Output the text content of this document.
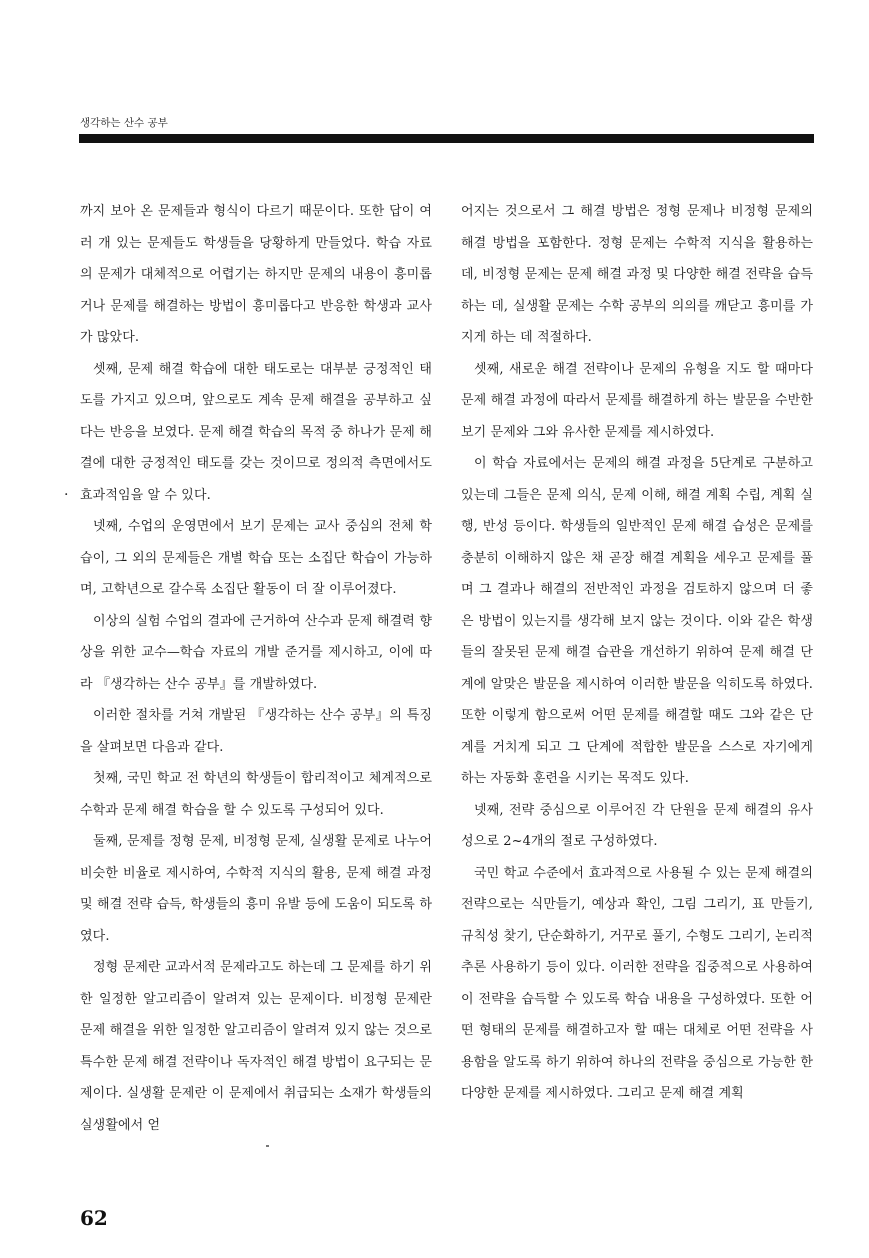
생각하는 산수 공부

까지 보아 온 문제들과 형식이 다르기 때문이다. 또한 답이 여러 개 있는 문제들도 학생들을 당황하게 만들었다. 학습 자료의 문제가 대체적으로 어렵기는 하지만 문제의 내용이 흥미롭거나 문제를 해결하는 방법이 흥미롭다고 반응한 학생과 교사가 많았다.

셋째, 문제 해결 학습에 대한 태도로는 대부분 긍정적인 태도를 가지고 있으며, 앞으로도 계속 문제 해결을 공부하고 싶다는 반응을 보였다. 문제 해결 학습의 목적 중 하나가 문제 해결에 대한 긍정적인 태도를 갖는 것이므로 정의적 측면에서도 효과적임을 알 수 있다.

넷째, 수업의 운영면에서 보기 문제는 교사 중심의 전체 학습이, 그 외의 문제들은 개별 학습 또는 소집단 학습이 가능하며, 고학년으로 갈수록 소집단 활동이 더 잘 이루어졌다.

이상의 실험 수업의 결과에 근거하여 산수과 문제 해결력 향상을 위한 교수—학습 자료의 개발 준거를 제시하고, 이에 따라 『생각하는 산수 공부』를 개발하였다.

이러한 절차를 거쳐 개발된 『생각하는 산수 공부』의 특징을 살펴보면 다음과 같다.

첫째, 국민 학교 전 학년의 학생들이 합리적이고 체계적으로 수학과 문제 해결 학습을 할 수 있도록 구성되어 있다.

둘째, 문제를 정형 문제, 비정형 문제, 실생활 문제로 나누어 비슷한 비율로 제시하여, 수학적 지식의 활용, 문제 해결 과정 및 해결 전략 습득, 학생들의 흥미 유발 등에 도움이 되도록 하였다.

정형 문제란 교과서적 문제라고도 하는데 그 문제를 하기 위한 일정한 알고리즘이 알려져 있는 문제이다. 비정형 문제란 문제 해결을 위한 일정한 알고리즘이 알려져 있지 않는 것으로 특수한 문제 해결 전략이나 독자적인 해결 방법이 요구되는 문제이다. 실생활 문제란 이 문제에서 취급되는 소재가 학생들의 실생활에서 얻

어지는 것으로서 그 해결 방법은 정형 문제나 비정형 문제의 해결 방법을 포함한다. 정형 문제는 수학적 지식을 활용하는 데, 비정형 문제는 문제 해결 과정 및 다양한 해결 전략을 습득하는 데, 실생활 문제는 수학 공부의 의의를 깨닫고 흥미를 가지게 하는 데 적절하다.

셋째, 새로운 해결 전략이나 문제의 유형을 지도 할 때마다 문제 해결 과정에 따라서 문제를 해결하게 하는 발문을 수반한 보기 문제와 그와 유사한 문제를 제시하였다.

이 학습 자료에서는 문제의 해결 과정을 5단계로 구분하고 있는데 그들은 문제 의식, 문제 이해, 해결 계획 수립, 계획 실행, 반성 등이다. 학생들의 일반적인 문제 해결 습성은 문제를 충분히 이해하지 않은 채 곧장 해결 계획을 세우고 문제를 풀며 그 결과나 해결의 전반적인 과정을 검토하지 않으며 더 좋은 방법이 있는지를 생각해 보지 않는 것이다. 이와 같은 학생들의 잘못된 문제 해결 습관을 개선하기 위하여 문제 해결 단계에 알맞은 발문을 제시하여 이러한 발문을 익히도록 하였다. 또한 이렇게 함으로써 어떤 문제를 해결할 때도 그와 같은 단계를 거치게 되고 그 단계에 적합한 발문을 스스로 자기에게 하는 자동화 훈련을 시키는 목적도 있다.

넷째, 전략 중심으로 이루어진 각 단원을 문제 해결의 유사성으로 2~4개의 절로 구성하였다.

국민 학교 수준에서 효과적으로 사용될 수 있는 문제 해결의 전략으로는 식만들기, 예상과 확인, 그림 그리기, 표 만들기, 규칙성 찾기, 단순화하기, 거꾸로 풀기, 수형도 그리기, 논리적 추론 사용하기 등이 있다. 이러한 전략을 집중적으로 사용하여 이 전략을 습득할 수 있도록 학습 내용을 구성하였다. 또한 어떤 형태의 문제를 해결하고자 할 때는 대체로 어떤 전략을 사용함을 알도록 하기 위하여 하나의 전략을 중심으로 가능한 한 다양한 문제를 제시하였다. 그리고 문제 해결 계획

.
62
